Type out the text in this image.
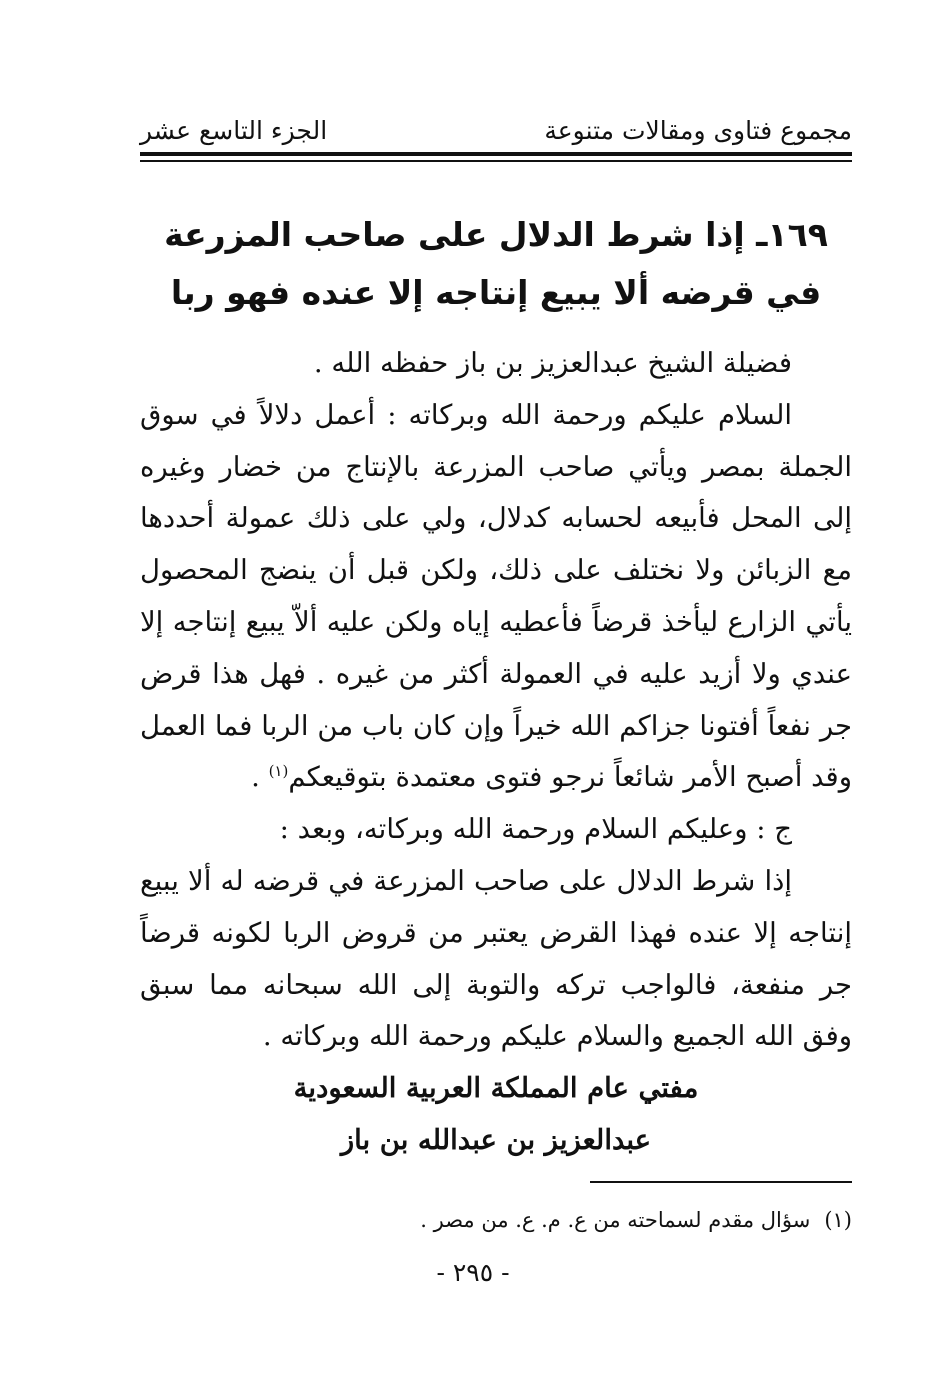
مجموع فتاوى ومقالات متنوعة
الجزء التاسع عشر
١٦٩ـ إذا شرط الدلال على صاحب المزرعة
في قرضه ألا يبيع إنتاجه إلا عنده فهو ربا

فضيلة الشيخ عبدالعزيز بن باز حفظه الله .

السلام عليكم ورحمة الله وبركاته : أعمل دلالاً في سوق الجملة بمصر ويأتي صاحب المزرعة بالإنتاج من خضار وغيره إلى المحل فأبيعه لحسابه كدلال، ولي على ذلك عمولة أحددها مع الزبائن ولا نختلف على ذلك، ولكن قبل أن ينضج المحصول يأتي الزارع ليأخذ قرضاً فأعطيه إياه ولكن عليه ألاّ يبيع إنتاجه إلا عندي ولا أزيد عليه في العمولة أكثر من غيره . فهل هذا قرض جر نفعاً أفتونا جزاكم الله خيراً وإن كان باب من الربا فما العمل وقد أصبح الأمر شائعاً نرجو فتوى معتمدة بتوقيعكم$^{(١)}$ .

ج : وعليكم السلام ورحمة الله وبركاته، وبعد :

إذا شرط الدلال على صاحب المزرعة في قرضه له ألا يبيع إنتاجه إلا عنده فهذا القرض يعتبر من قروض الربا لكونه قرضاً جر منفعة، فالواجب تركه والتوبة إلى الله سبحانه مما سبق وفق الله الجميع والسلام عليكم ورحمة الله وبركاته .

مفتي عام المملكة العربية السعودية

عبدالعزيز بن عبدالله بن باز

(١)سؤال مقدم لسماحته من ع. م. ع. من مصر .
- ٢٩٥ -
